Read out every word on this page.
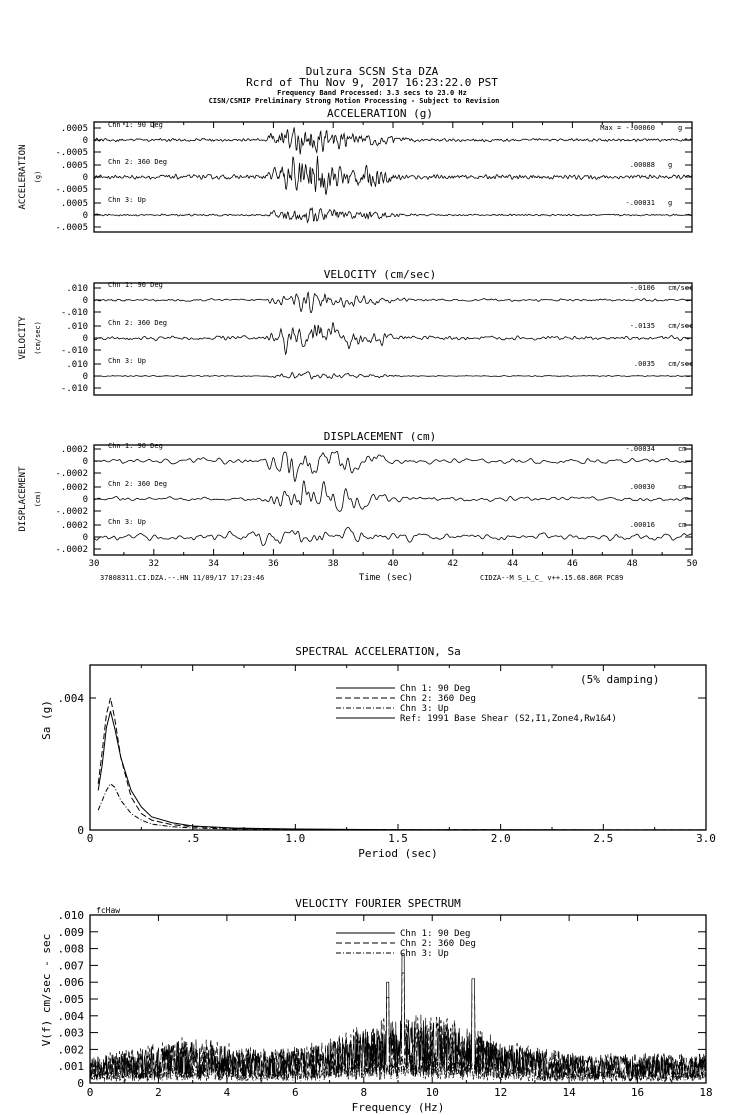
Dulzura SCSN Sta DZA
Rcrd of Thu Nov 9, 2017 16:23:22.0 PST
Frequency Band Processed: 3.3 secs to 23.0 Hz
CISN/CSMIP Preliminary Strong Motion Processing - Subject to Revision
ACCELERATION (g)
ACCELERATION (g)
.0005
0
-.0005
Chn 1: 90 Deg	Max = -.00060	g
.0005
0
-.0005
Chn 2: 360 Deg	.00088 g
.0005
0
-.0005
Chn 3: Up	-.00031 g
VELOCITY (cm/sec)
VELOCITY (cm/sec)
.010
0
-.010
Chn 1: 90 Deg	-.0106 cm/sec
.010
0
-.010
Chn 2: 360 Deg	-.0135 cm/sec
.010
0
-.010
Chn 3: Up	.0035 cm/sec
DISPLACEMENT (cm)
DISPLACEMENT (cm)
.0002
0
-.0002
Chn 1: 90 Deg	-.00034	cm
.0002
0
-.0002
Chn 2: 360 Deg	.00030	cm
.0002
0
-.0002
Chn 3: Up	.00016	cm
30	32	34	36	38	40	42	44	46	48	50
37808311.CI.DZA.--.HN 11/09/17 17:23:46	Time (sec)	CIDZA--M S_L_C_ v++.15.68.86R PC89
SPECTRAL ACCELERATION, Sa
Period (sec)
Sa (g)
(5% damping)
0	.5	1.0	1.5	2.0	2.5	3.0
0
.004
Chn 1: 90 Deg
Chn 2: 360 Deg
Chn 3: Up
Ref: 1991 Base Shear (S2,I1,Zone4,Rw1&4)
VELOCITY FOURIER SPECTRUM
Frequency (Hz)
V(f) cm/sec - sec
fcHaw
0	2	4	6	8	10	12	14	16	18
0
.001
.002
.003
.004
.005
.006
.007
.008
.009
.010
Chn 1: 90 Deg
Chn 2: 360 Deg
Chn 3: Up
